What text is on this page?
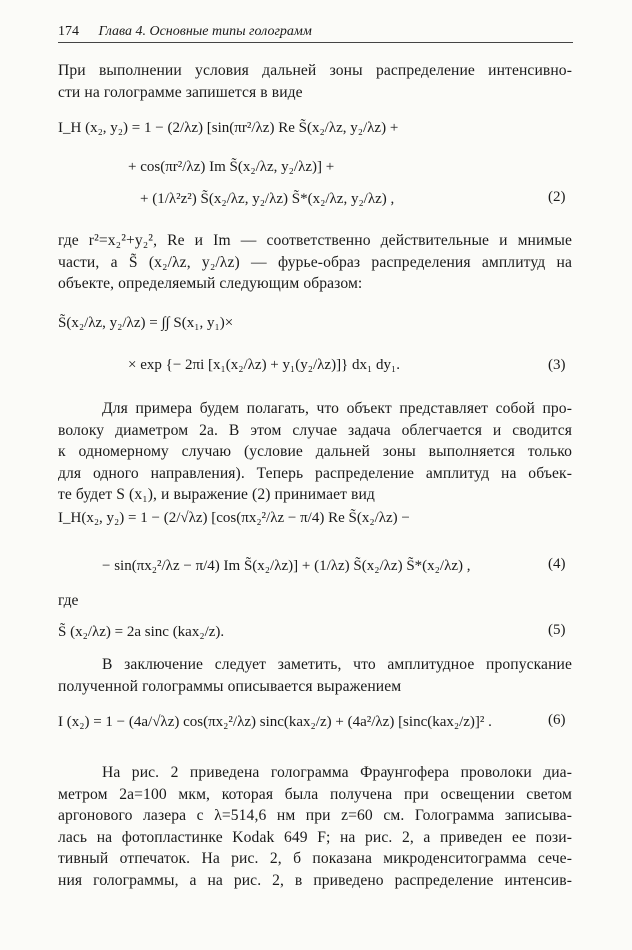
174 Глава 4. Основные типы голограмм
При выполнении условия дальней зоны распределение интенсивно-
сти на голограмме запишется в виде
I_H (x₂, y₂) = 1 − (2/λz) [sin(πr²/λz) Re S̃(x₂/λz, y₂/λz) +
+ cos(πr²/λz) Im S̃(x₂/λz, y₂/λz)] +
+ (1/λ²z²) S̃(x₂/λz, y₂/λz) S̃*(x₂/λz, y₂/λz) ,	(2)
где r²=x₂²+y₂², Re и Im — соответственно действительные и мнимые
части, а S̃ (x₂/λz, y₂/λz) — фурье-образ распределения амплитуд на
объекте, определяемый следующим образом:
S̃(x₂/λz, y₂/λz) = ∫∫ S(x₁, y₁)×
× exp {− 2πi [x₁(x₂/λz) + y₁(y₂/λz)]} dx₁ dy₁.	(3)
Для примера будем полагать, что объект представляет собой про-
волоку диаметром 2a. В этом случае задача облегчается и сводится
к одномерному случаю (условие дальней зоны выполняется только
для одного направления). Теперь распределение амплитуд на объек-
те будет S (x₁), и выражение (2) принимает вид
I_H(x₂, y₂) = 1 − (2/√λz) [cos(πx₂²/λz − π/4) Re S̃(x₂/λz) −
− sin(πx₂²/λz − π/4) Im S̃(x₂/λz)] + (1/λz) S̃(x₂/λz) S̃*(x₂/λz) ,	(4)
где
S̃ (x₂/λz) = 2a sinc (kax₂/z).	(5)
В заключение следует заметить, что амплитудное пропускание
полученной голограммы описывается выражением
I (x₂) = 1 − (4a/√λz) cos(πx₂²/λz) sinc(kax₂/z) + (4a²/λz) [sinc(kax₂/z)]² .	(6)
На рис. 2 приведена голограмма Фраунгофера проволоки диа-
метром 2a=100 мкм, которая была получена при освещении светом
аргонового лазера с λ=514,6 нм при z=60 см. Голограмма записыва-
лась на фотопластинке Kodak 649 F; на рис. 2, a приведен ее пози-
тивный отпечаток. На рис. 2, б показана микроденситограмма сече-
ния голограммы, а на рис. 2, в приведено распределение интенсив-
